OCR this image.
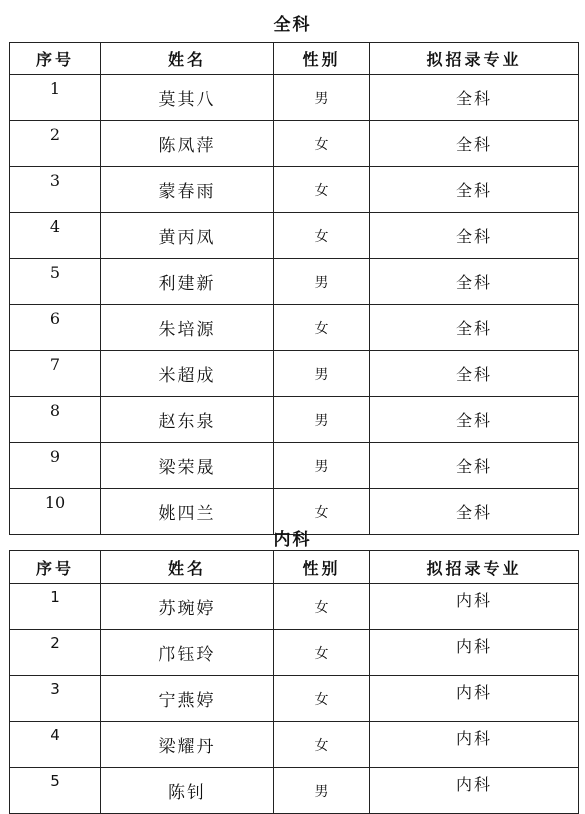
全科
序号	姓名	性别	拟招录专业
1	莫其八	男	全科
2	陈凤萍	女	全科
3	蒙春雨	女	全科
4	黄丙凤	女	全科
5	利建新	男	全科
6	朱培源	女	全科
7	米超成	男	全科
8	赵东泉	男	全科
9	梁荣晟	男	全科
10	姚四兰	女	全科
内科
序号	姓名	性别	拟招录专业
1	苏琬婷	女	内科
2	邝钰玲	女	内科
3	宁燕婷	女	内科
4	梁耀丹	女	内科
5	陈钊	男	内科
